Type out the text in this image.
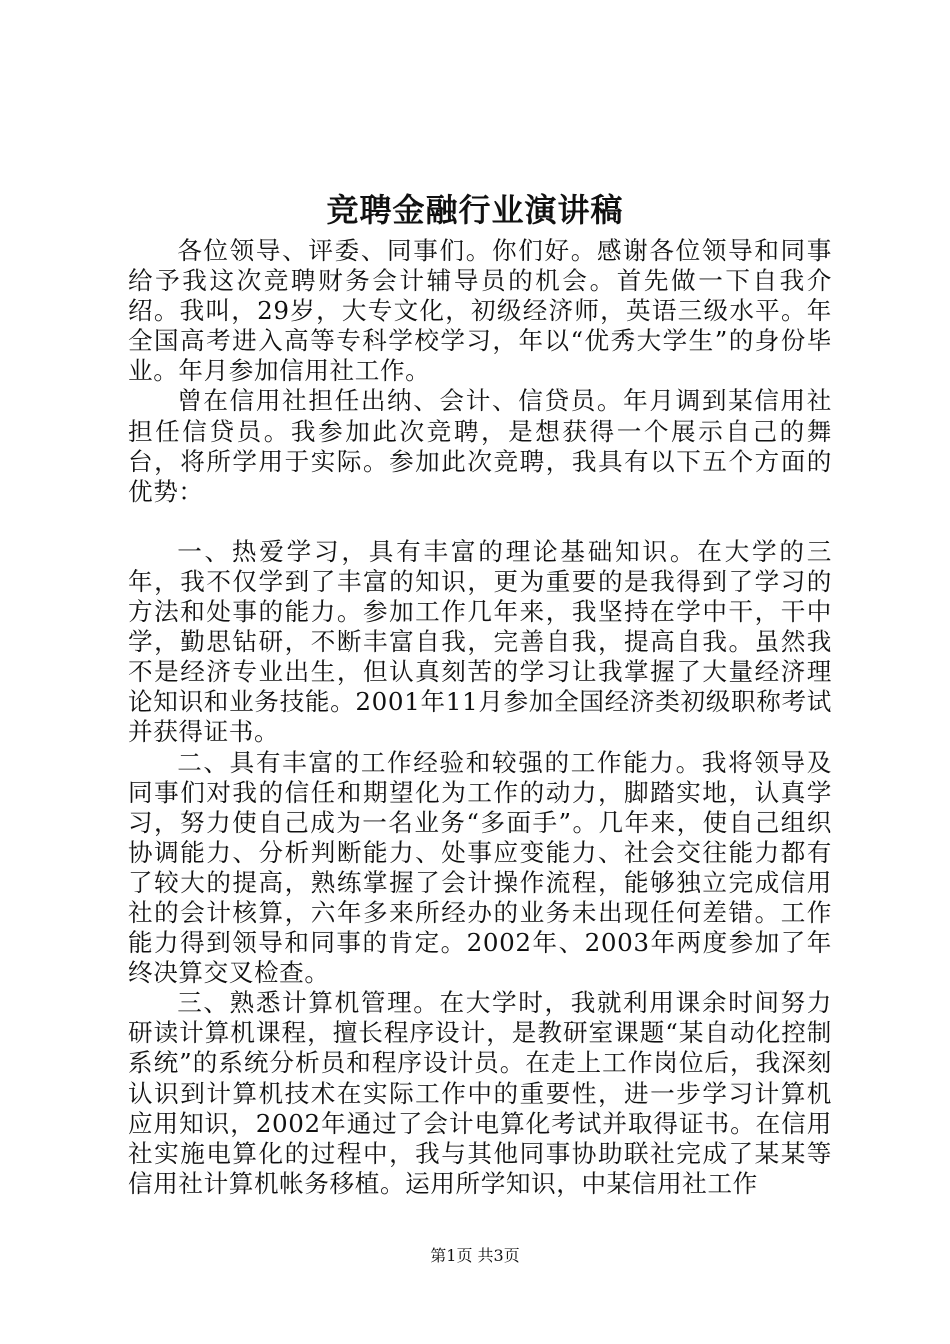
竞聘金融行业演讲稿

各位领导、评委、同事们。你们好。感谢各位领导和同事给予我这次竞聘财务会计辅导员的机会。首先做一下自我介绍。我叫，29岁，大专文化，初级经济师，英语三级水平。年全国高考进入高等专科学校学习，年以“优秀大学生”的身份毕业。年月参加信用社工作。

曾在信用社担任出纳、会计、信贷员。年月调到某信用社担任信贷员。我参加此次竞聘，是想获得一个展示自己的舞台，将所学用于实际。参加此次竞聘，我具有以下五个方面的优势：

一、热爱学习，具有丰富的理论基础知识。在大学的三年，我不仅学到了丰富的知识，更为重要的是我得到了学习的方法和处事的能力。参加工作几年来，我坚持在学中干，干中学，勤思钻研，不断丰富自我，完善自我，提高自我。虽然我不是经济专业出生，但认真刻苦的学习让我掌握了大量经济理论知识和业务技能。2001年11月参加全国经济类初级职称考试并获得证书。

二、具有丰富的工作经验和较强的工作能力。我将领导及同事们对我的信任和期望化为工作的动力，脚踏实地，认真学习，努力使自己成为一名业务“多面手”。几年来，使自己组织协调能力、分析判断能力、处事应变能力、社会交往能力都有了较大的提高，熟练掌握了会计操作流程，能够独立完成信用社的会计核算，六年多来所经办的业务未出现任何差错。工作能力得到领导和同事的肯定。2002年、2003年两度参加了年终决算交叉检查。

三、熟悉计算机管理。在大学时，我就利用课余时间努力研读计算机课程，擅长程序设计，是教研室课题“某自动化控制系统”的系统分析员和程序设计员。在走上工作岗位后，我深刻认识到计算机技术在实际工作中的重要性，进一步学习计算机应用知识，2002年通过了会计电算化考试并取得证书。在信用社实施电算化的过程中，我与其他同事协助联社完成了某某等信用社计算机帐务移植。运用所学知识，中某信用社工作

第1页 共3页
